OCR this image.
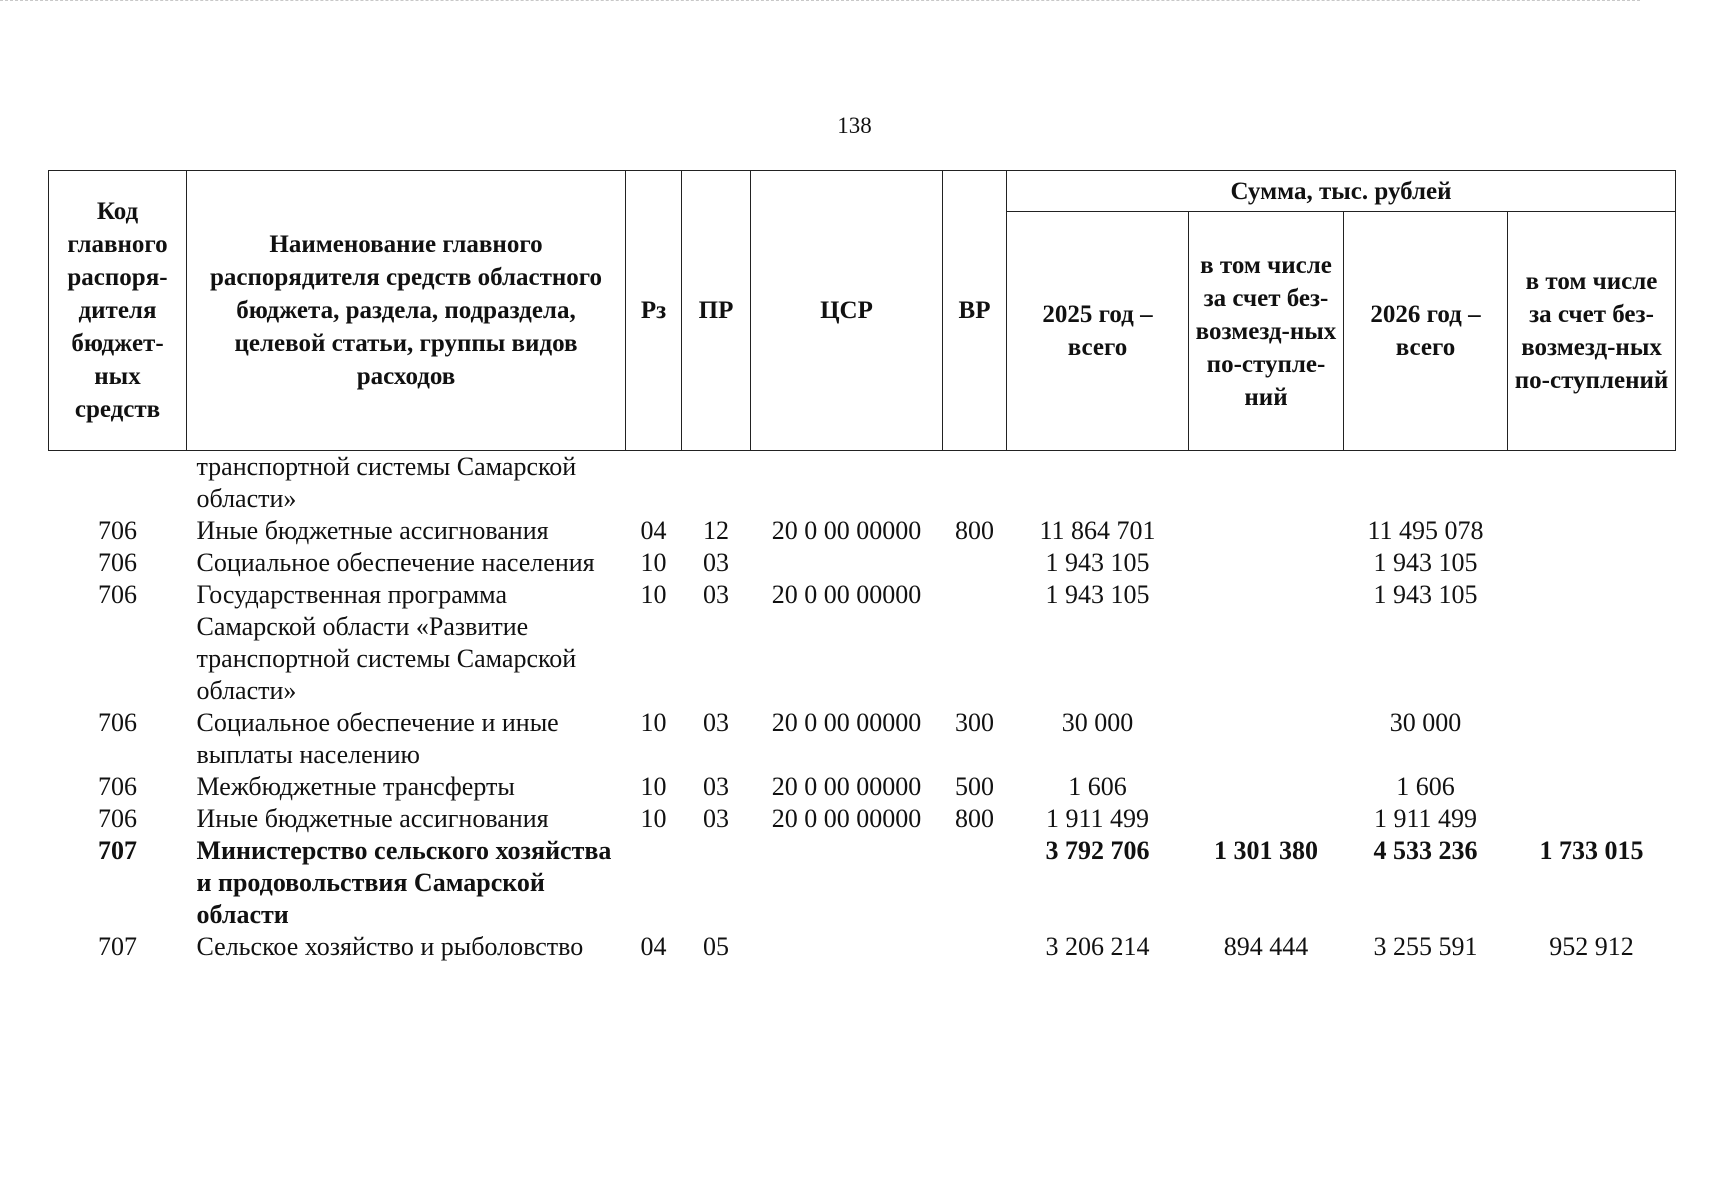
138
Код главного распоря-дителя бюджет-ных средств	Наименование главного распорядителя средств областного бюджета, раздела, подраздела, целевой статьи, группы видов расходов	Рз	ПР	ЦСР	ВР	Сумма, тыс. рублей			
						2025 год – всего	в том числе за счет без-возмезд-ных по-ступле-ний	2026 год – всего	в том числе за счет без-возмезд-ных по-ступлений
	транспортной системы Самарской области»								
706	Иные бюджетные ассигнования	04	12	20 0 00 00000	800	11 864 701		11 495 078	
706	Социальное обеспечение населения	10	03			1 943 105		1 943 105	
706	Государственная программа Самарской области «Развитие транспортной системы Самарской области»	10	03	20 0 00 00000		1 943 105		1 943 105	
706	Социальное обеспечение и иные выплаты населению	10	03	20 0 00 00000	300	30 000		30 000	
706	Межбюджетные трансферты	10	03	20 0 00 00000	500	1 606		1 606	
706	Иные бюджетные ассигнования	10	03	20 0 00 00000	800	1 911 499		1 911 499	
707	Министерство сельского хозяйства и продовольствия Самарской области					3 792 706	1 301 380	4 533 236	1 733 015
707	Сельское хозяйство и рыболовство	04	05			3 206 214	894 444	3 255 591	952 912
